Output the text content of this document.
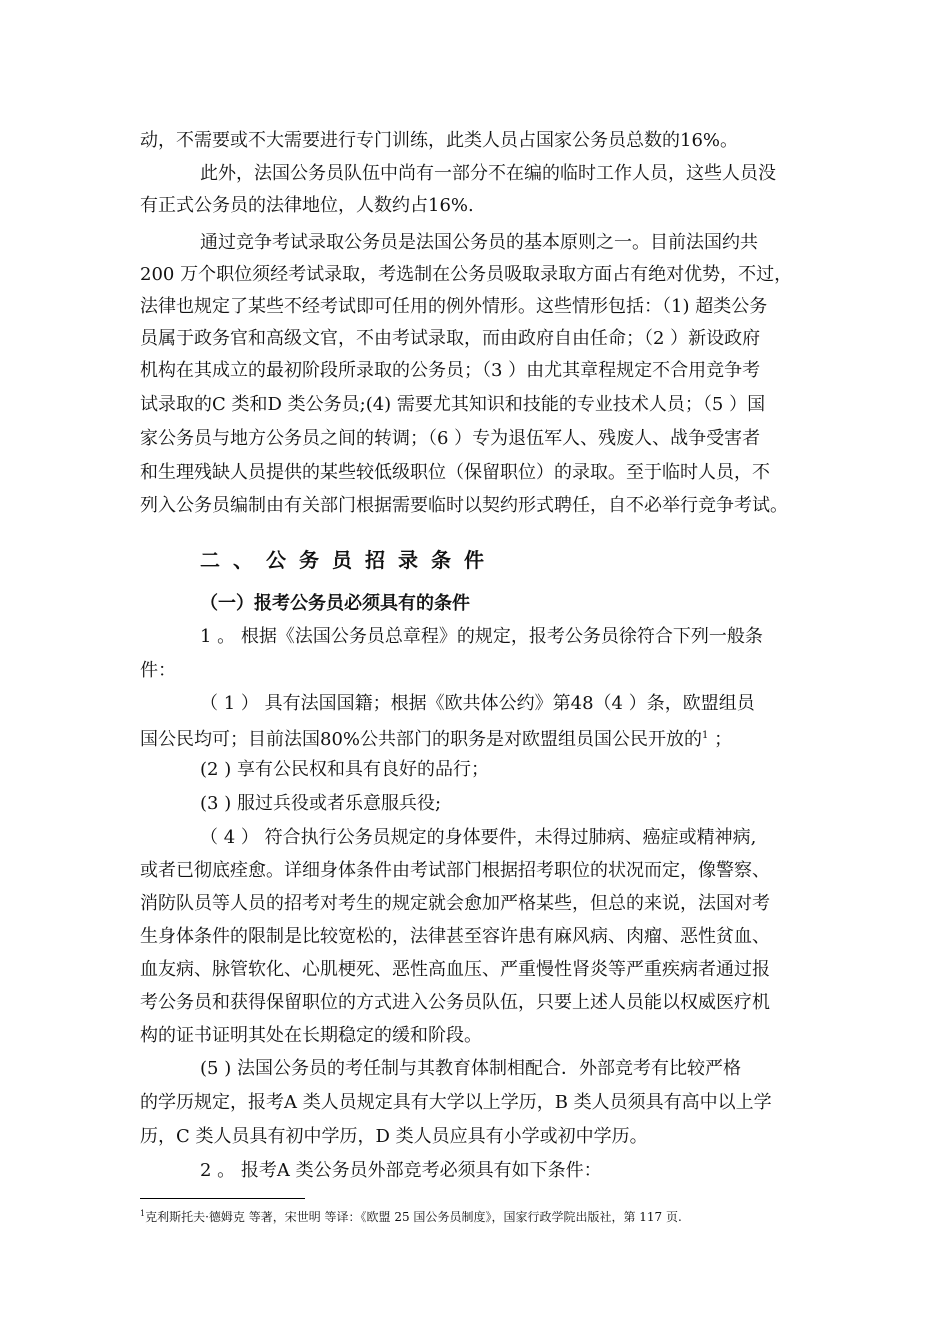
动，不需要或不大需要进行专门训练，此类人员占国家公务员总数的16%。
此外，法国公务员队伍中尚有一部分不在编的临时工作人员，这些人员没
有正式公务员的法律地位，人数约占16%.
通过竞争考试录取公务员是法国公务员的基本原则之一。目前法国约共
200 万个职位须经考试录取，考选制在公务员吸取录取方面占有绝对优势，不过，
法律也规定了某些不经考试即可任用的例外情形。这些情形包括：（1) 超类公务
员属于政务官和高级文官，不由考试录取，而由政府自由任命；（2 ）新设政府
机构在其成立的最初阶段所录取的公务员；（3 ）由尤其章程规定不合用竞争考
试录取的C 类和D 类公务员;(4) 需要尤其知识和技能的专业技术人员；（5 ）国
家公务员与地方公务员之间的转调；（6 ）专为退伍军人、残废人、战争受害者
和生理残缺人员提供的某些较低级职位（保留职位）的录取。至于临时人员，不
列入公务员编制由有关部门根据需要临时以契约形式聘任，自不必举行竞争考试。
二、公务员招录条件
（一）报考公务员必须具有的条件
1 。 根据《法国公务员总章程》的规定，报考公务员徐符合下列一般条
件：
（ 1 ） 具有法国国籍；根据《欧共体公约》第48（4 ）条，欧盟组员
国公民均可；目前法国80%公共部门的职务是对欧盟组员国公民开放的$^1$ ；
(2 ) 享有公民权和具有良好的品行；
(3 ) 服过兵役或者乐意服兵役;
（ 4 ） 符合执行公务员规定的身体要件，未得过肺病、癌症或精神病,
或者已彻底痊愈。详细身体条件由考试部门根据招考职位的状况而定，像警察、
消防队员等人员的招考对考生的规定就会愈加严格某些，但总的来说，法国对考
生身体条件的限制是比较宽松的，法律甚至容许患有麻风病、肉瘤、恶性贫血、
血友病、脉管软化、心肌梗死、恶性高血压、严重慢性肾炎等严重疾病者通过报
考公务员和获得保留职位的方式进入公务员队伍，只要上述人员能以权威医疗机
构的证书证明其处在长期稳定的缓和阶段。
(5 ) 法国公务员的考任制与其教育体制相配合．外部竞考有比较严格
的学历规定，报考A 类人员规定具有大学以上学历，B 类人员须具有高中以上学
历，C 类人员具有初中学历，D 类人员应具有小学或初中学历。
2 。 报考A 类公务员外部竞考必须具有如下条件：
$^1$克利斯托夫·德姆克 等著，宋世明 等译：《欧盟 25 国公务员制度》，国家行政学院出版社，第 117 页.
